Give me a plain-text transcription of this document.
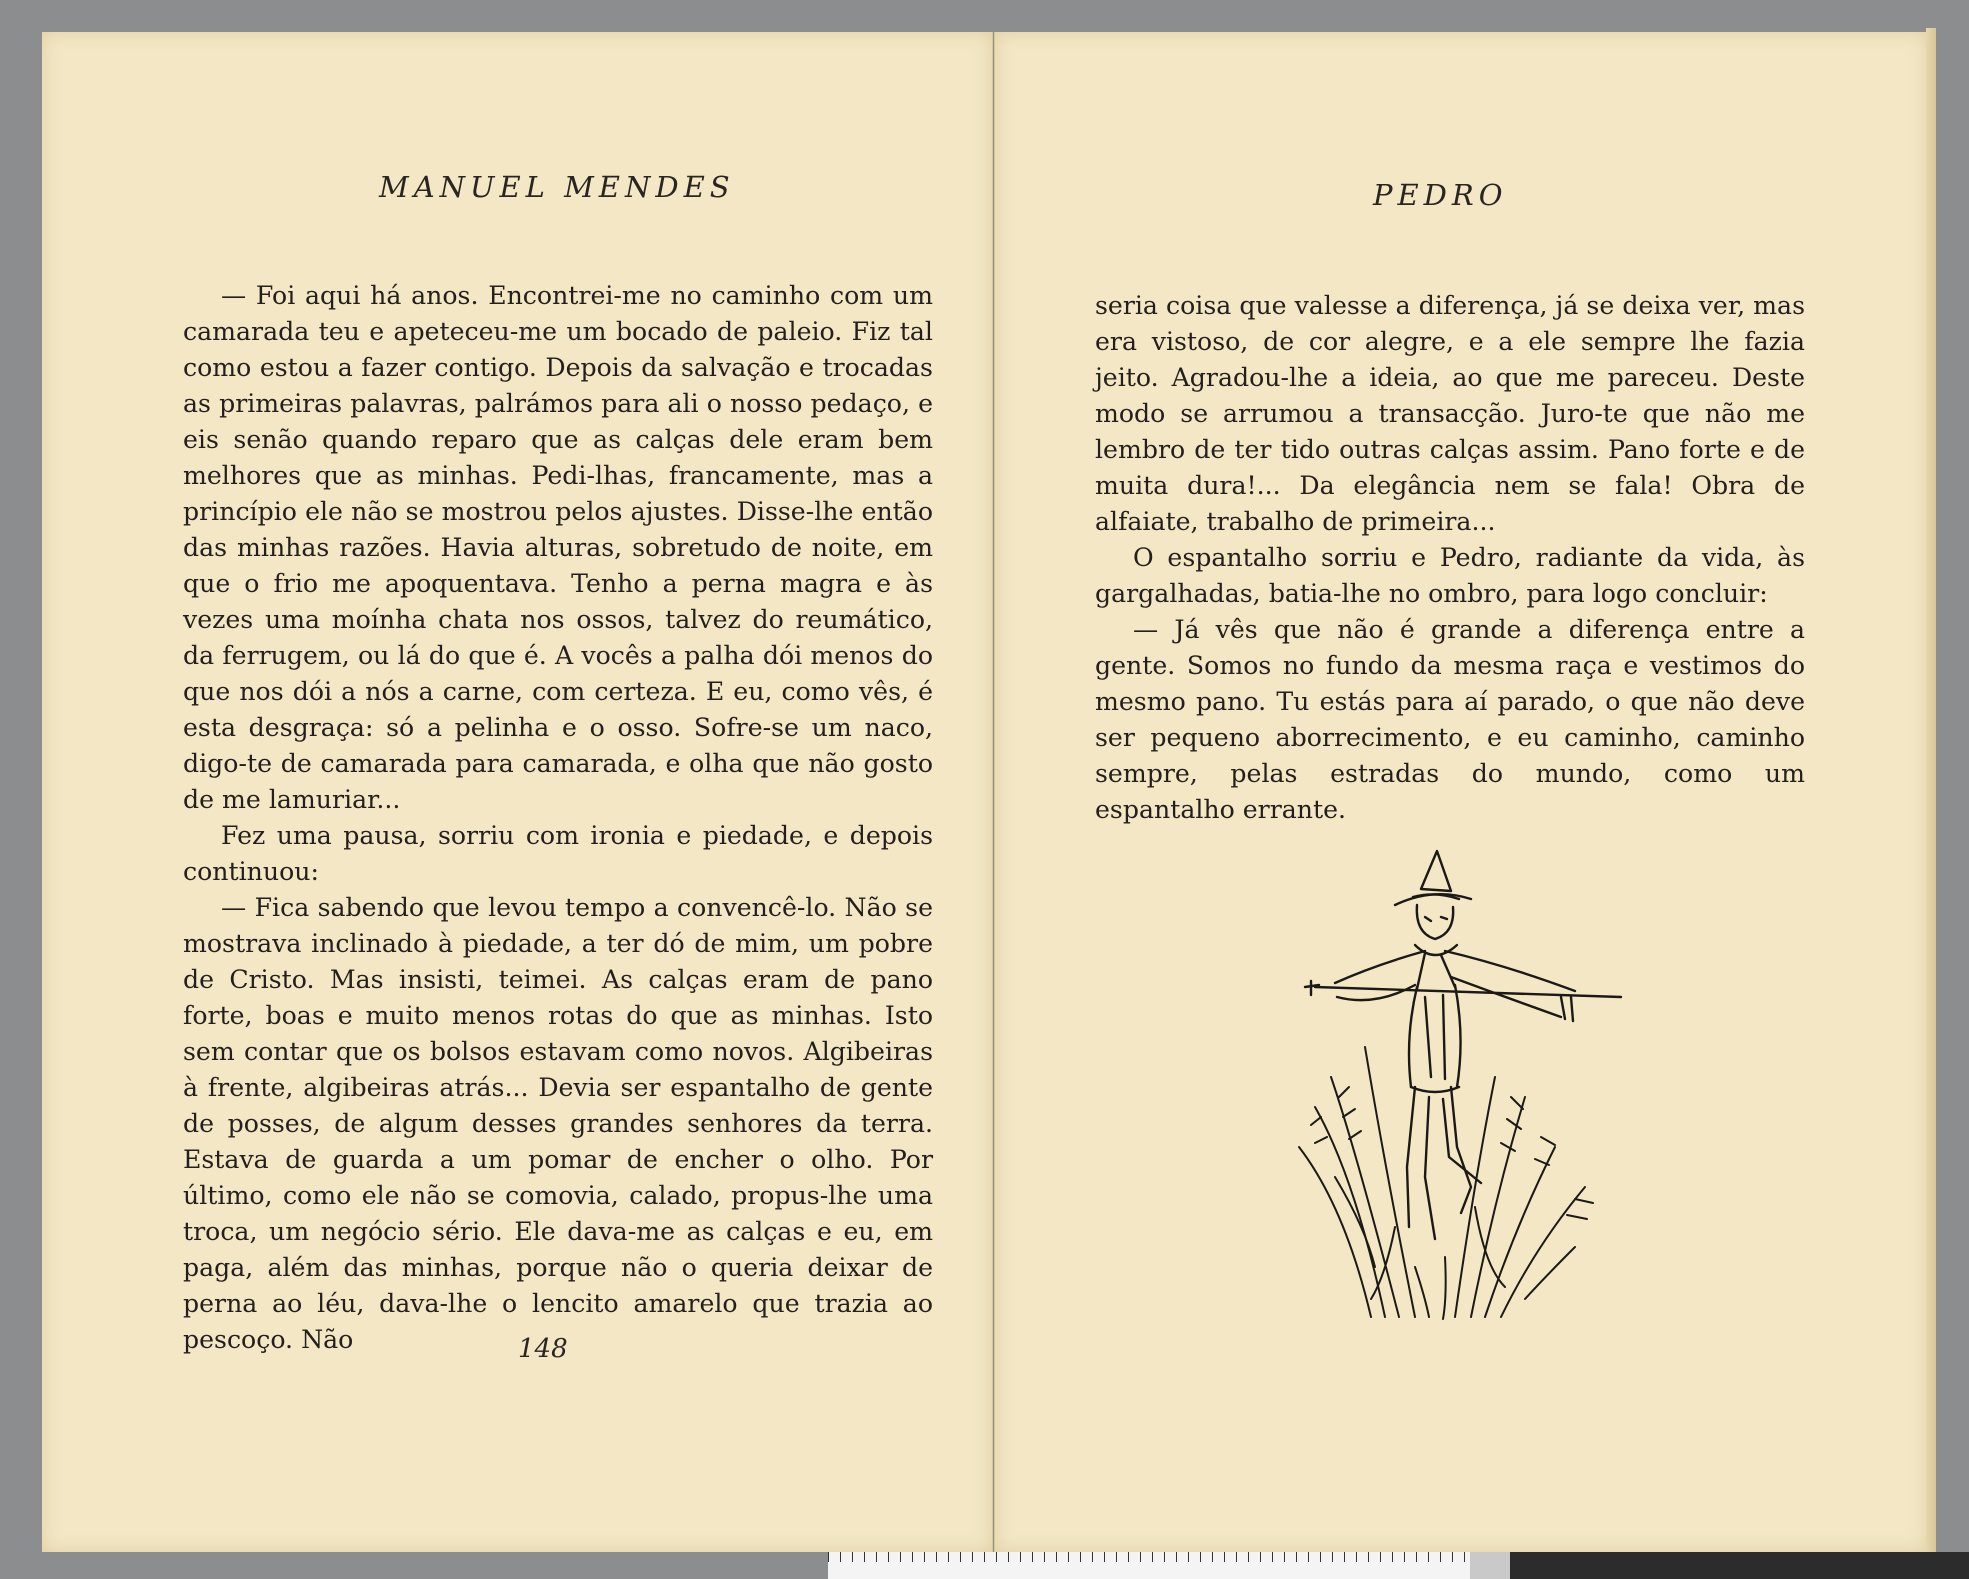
MANUEL MENDES

— Foi aqui há anos. Encontrei-me no caminho com um camarada teu e apeteceu-me um bocado de paleio. Fiz tal como estou a fazer contigo. Depois da salvação e trocadas as primeiras palavras, palrámos para ali o nosso pedaço, e eis senão quando reparo que as calças dele eram bem melhores que as minhas. Pedi-lhas, francamente, mas a princípio ele não se mostrou pelos ajustes. Disse-lhe então das minhas razões. Havia alturas, sobretudo de noite, em que o frio me apoquentava. Tenho a perna magra e às vezes uma moínha chata nos ossos, talvez do reumático, da ferrugem, ou lá do que é. A vocês a palha dói menos do que nos dói a nós a carne, com certeza. E eu, como vês, é esta desgraça: só a pelinha e o osso. Sofre-se um naco, digo-te de camarada para camarada, e olha que não gosto de me lamuriar...

Fez uma pausa, sorriu com ironia e piedade, e depois continuou:

— Fica sabendo que levou tempo a convencê-lo. Não se mostrava inclinado à piedade, a ter dó de mim, um pobre de Cristo. Mas insisti, teimei. As calças eram de pano forte, boas e muito menos rotas do que as minhas. Isto sem contar que os bolsos estavam como novos. Algibeiras à frente, algibeiras atrás... Devia ser espantalho de gente de posses, de algum desses grandes senhores da terra. Estava de guarda a um pomar de encher o olho. Por último, como ele não se comovia, calado, propus-lhe uma troca, um negócio sério. Ele dava-me as calças e eu, em paga, além das minhas, porque não o queria deixar de perna ao léu, dava-lhe o lencito amarelo que trazia ao pescoço. Não	148
PEDRO

seria coisa que valesse a diferença, já se deixa ver, mas era vistoso, de cor alegre, e a ele sempre lhe fazia jeito. Agradou-lhe a ideia, ao que me pareceu. Deste modo se arrumou a transacção. Juro-te que não me lembro de ter tido outras calças assim. Pano forte e de muita dura!... Da elegância nem se fala! Obra de alfaiate, trabalho de primeira...

O espantalho sorriu e Pedro, radiante da vida, às gargalhadas, batia-lhe no ombro, para logo concluir:

— Já vês que não é grande a diferença entre a gente. Somos no fundo da mesma raça e vestimos do mesmo pano. Tu estás para aí parado, o que não deve ser pequeno aborrecimento, e eu caminho, caminho sempre, pelas estradas do mundo, como um espantalho errante.
